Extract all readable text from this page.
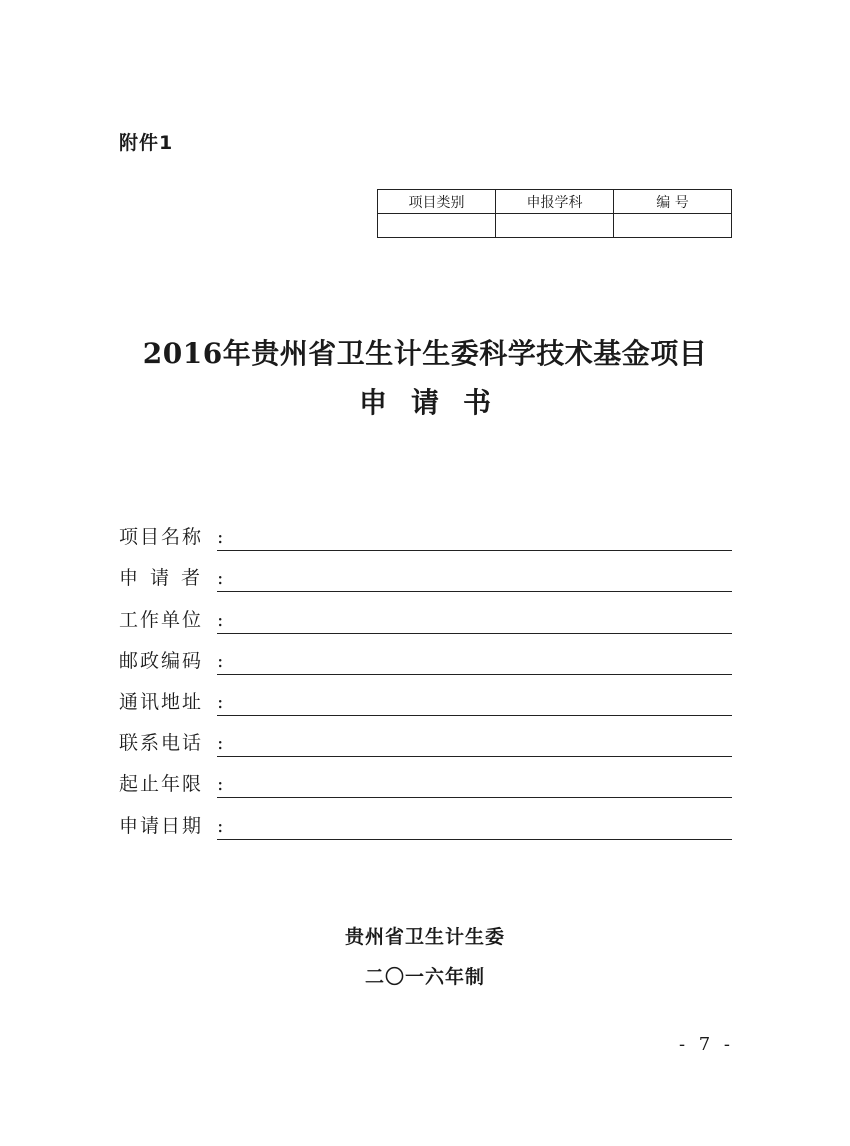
附件1
项目类别	申报学科	编 号

2016年贵州省卫生计生委科学技术基金项目
申请书
项目名称 :
申请者 :
工作单位 :
邮政编码 :
通讯地址 :
联系电话 :
起止年限 :
申请日期 :
贵州省卫生计生委
二〇一六年制
- 7 -
